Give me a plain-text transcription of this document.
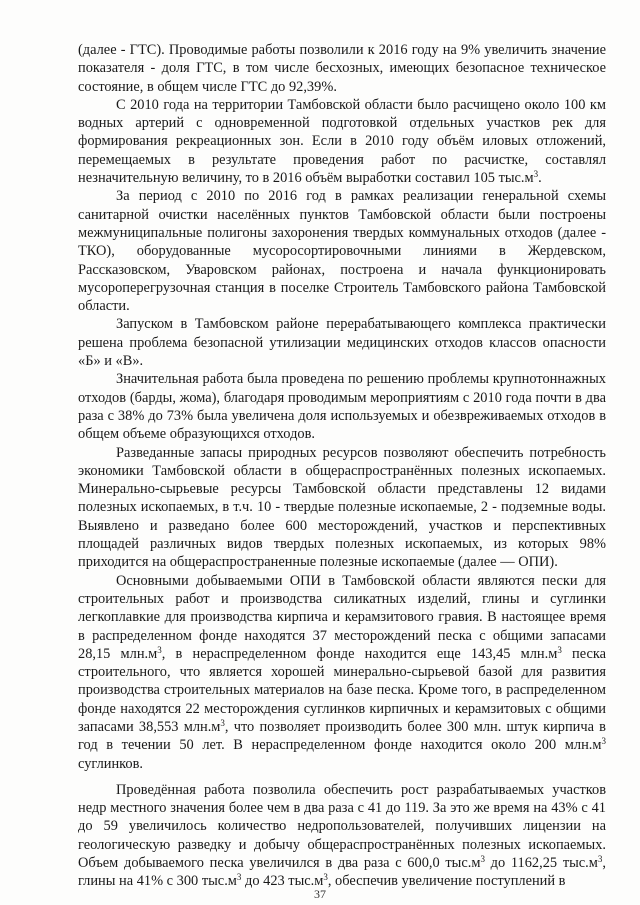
(далее - ГТС). Проводимые работы позволили к 2016 году на 9% увеличить значение показателя - доля ГТС, в том числе бесхозных, имеющих безопасное техническое состояние, в общем числе ГТС до 92,39%.

С 2010 года на территории Тамбовской области было расчищено около 100 км водных артерий с одновременной подготовкой отдельных участков рек для формирования рекреационных зон. Если в 2010 году объём иловых отложений, перемещаемых в результате проведения работ по расчистке, составлял незначительную величину, то в 2016 объём выработки составил 105 $тыс.м^3$.

За период с 2010 по 2016 год в рамках реализации генеральной схемы санитарной очистки населённых пунктов Тамбовской области были построены межмуниципальные полигоны захоронения твердых коммунальных отходов (далее - ТКО), оборудованные мусоросортировочными линиями в Жердевском, Рассказовском, Уваровском районах, построена и начала функционировать мусороперегрузочная станция в поселке Строитель Тамбовского района Тамбовской области.

Запуском в Тамбовском районе перерабатывающего комплекса практически решена проблема безопасной утилизации медицинских отходов классов опасности «Б» и «В».

Значительная работа была проведена по решению проблемы крупнотоннажных отходов (барды, жома), благодаря проводимым мероприятиям с 2010 года почти в два раза с 38% до 73% была увеличена доля используемых и обезвреживаемых отходов в общем объеме образующихся отходов.

Разведанные запасы природных ресурсов позволяют обеспечить потребность экономики Тамбовской области в общераспространённых полезных ископаемых. Минерально-сырьевые ресурсы Тамбовской области представлены 12 видами полезных ископаемых, в т.ч. 10 - твердые полезные ископаемые, 2 - подземные воды. Выявлено и разведано более 600 месторождений, участков и перспективных площадей различных видов твердых полезных ископаемых, из которых 98% приходится на общераспространенные полезные ископаемые (далее — ОПИ).

Основными добываемыми ОПИ в Тамбовской области являются пески для строительных работ и производства силикатных изделий, глины и суглинки легкоплавкие для производства кирпича и керамзитового гравия. В настоящее время в распределенном фонде находятся 37 месторождений песка с общими запасами 28,15 $млн.м^3$, в нераспределенном фонде находится еще 143,45 $млн.м^3$ песка строительного, что является хорошей минерально-сырьевой базой для развития производства строительных материалов на базе песка. Кроме того, в распределенном фонде находятся 22 месторождения суглинков кирпичных и керамзитовых с общими запасами 38,553 $млн.м^3$, что позволяет производить более 300 млн. штук кирпича в год в течении 50 лет. В нераспределенном фонде находится около 200 $млн.м^3$ суглинков.

Проведённая работа позволила обеспечить рост разрабатываемых участков недр местного значения более чем в два раза с 41 до 119. За это же время на 43% с 41 до 59 увеличилось количество недропользователей, получивших лицензии на геологическую разведку и добычу общераспространённых полезных ископаемых. Объем добываемого песка увеличился в два раза с 600,0 $тыс.м^3$ до 1162,25 $тыс.м^3$, глины на 41% с 300 $тыс.м^3$ до 423 $тыс.м^3$, обеспечив увеличение поступлений в

37
